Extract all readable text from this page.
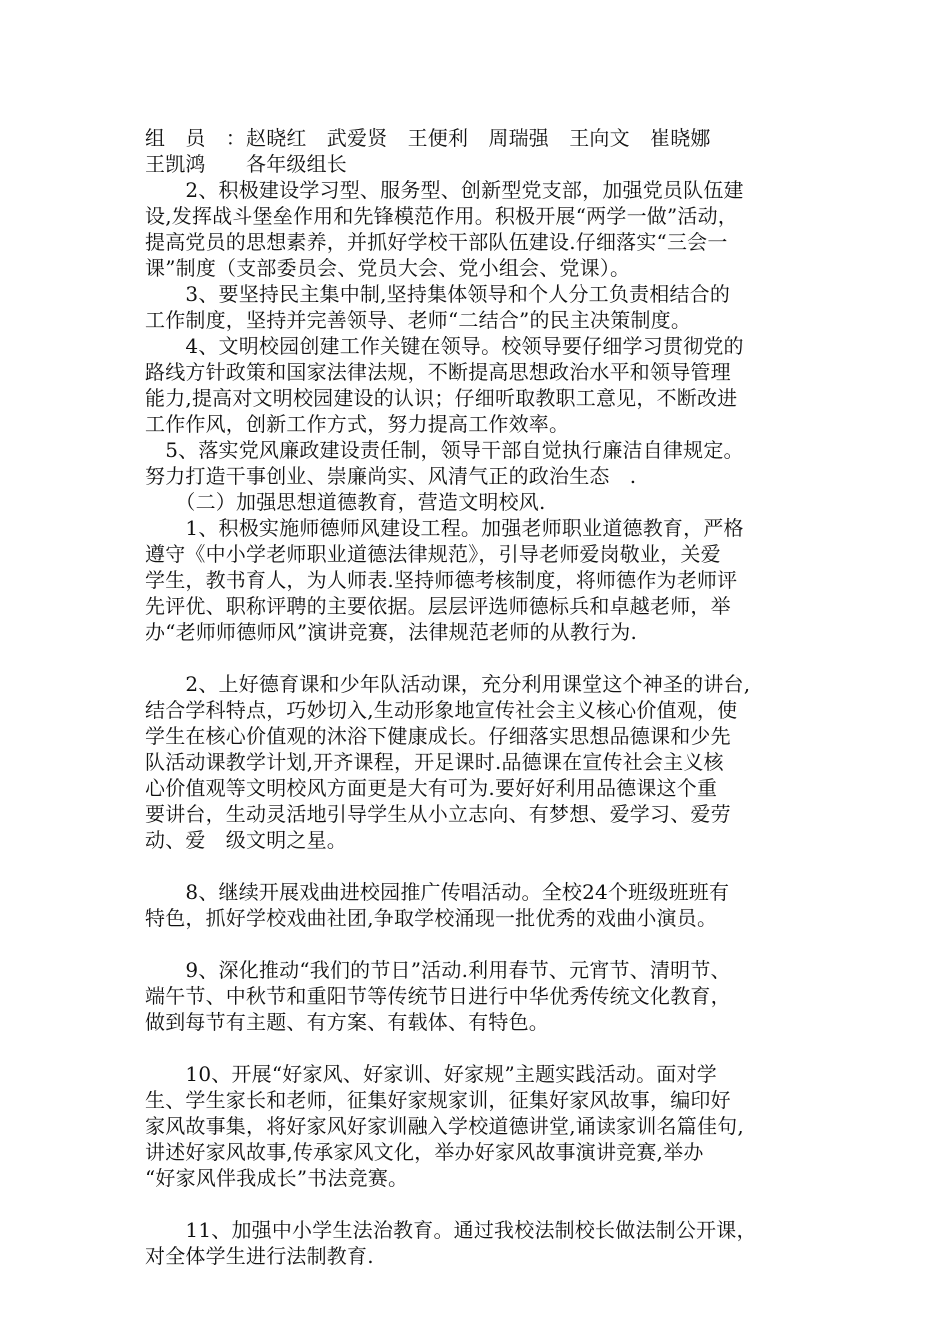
组　员　：赵晓红　武爱贤　王便利　周瑞强　王向文　崔晓娜
王凯鸿　　各年级组长
　　2、积极建设学习型、服务型、创新型党支部，加强党员队伍建
设,发挥战斗堡垒作用和先锋模范作用。积极开展“两学一做”活动，
提高党员的思想素养，并抓好学校干部队伍建设.仔细落实“三会一
课”制度（支部委员会、党员大会、党小组会、党课）。
　　3、要坚持民主集中制,坚持集体领导和个人分工负责相结合的
工作制度，坚持并完善领导、老师“二结合”的民主决策制度。
　　4、文明校园创建工作关键在领导。校领导要仔细学习贯彻党的
路线方针政策和国家法律法规，不断提高思想政治水平和领导管理
能力,提高对文明校园建设的认识；仔细听取教职工意见，不断改进
工作作风，创新工作方式，努力提高工作效率。
　5、落实党风廉政建设责任制，领导干部自觉执行廉洁自律规定。
努力打造干事创业、崇廉尚实、风清气正的政治生态　.
　　（二）加强思想道德教育，营造文明校风.
　　1、积极实施师德师风建设工程。加强老师职业道德教育，严格
遵守《中小学老师职业道德法律规范》，引导老师爱岗敬业，关爱
学生，教书育人，为人师表.坚持师德考核制度，将师德作为老师评
先评优、职称评聘的主要依据。层层评选师德标兵和卓越老师，举
办“老师师德师风”演讲竞赛，法律规范老师的从教行为.
　　2、上好德育课和少年队活动课，充分利用课堂这个神圣的讲台,
结合学科特点，巧妙切入,生动形象地宣传社会主义核心价值观，使
学生在核心价值观的沐浴下健康成长。仔细落实思想品德课和少先
队活动课教学计划,开齐课程，开足课时.品德课在宣传社会主义核
心价值观等文明校风方面更是大有可为.要好好利用品德课这个重
要讲台，生动灵活地引导学生从小立志向、有梦想、爱学习、爱劳
动、爱　级文明之星。
　　8、继续开展戏曲进校园推广传唱活动。全校24个班级班班有
特色，抓好学校戏曲社团,争取学校涌现一批优秀的戏曲小演员。
　　9、深化推动“我们的节日”活动.利用春节、元宵节、清明节、
端午节、中秋节和重阳节等传统节日进行中华优秀传统文化教育，
做到每节有主题、有方案、有载体、有特色。
　　10、开展“好家风、好家训、好家规”主题实践活动。面对学
生、学生家长和老师，征集好家规家训，征集好家风故事，编印好
家风故事集，将好家风好家训融入学校道德讲堂,诵读家训名篇佳句,
讲述好家风故事,传承家风文化，举办好家风故事演讲竞赛,举办
“好家风伴我成长”书法竞赛。
　　11、加强中小学生法治教育。通过我校法制校长做法制公开课，
对全体学生进行法制教育.
